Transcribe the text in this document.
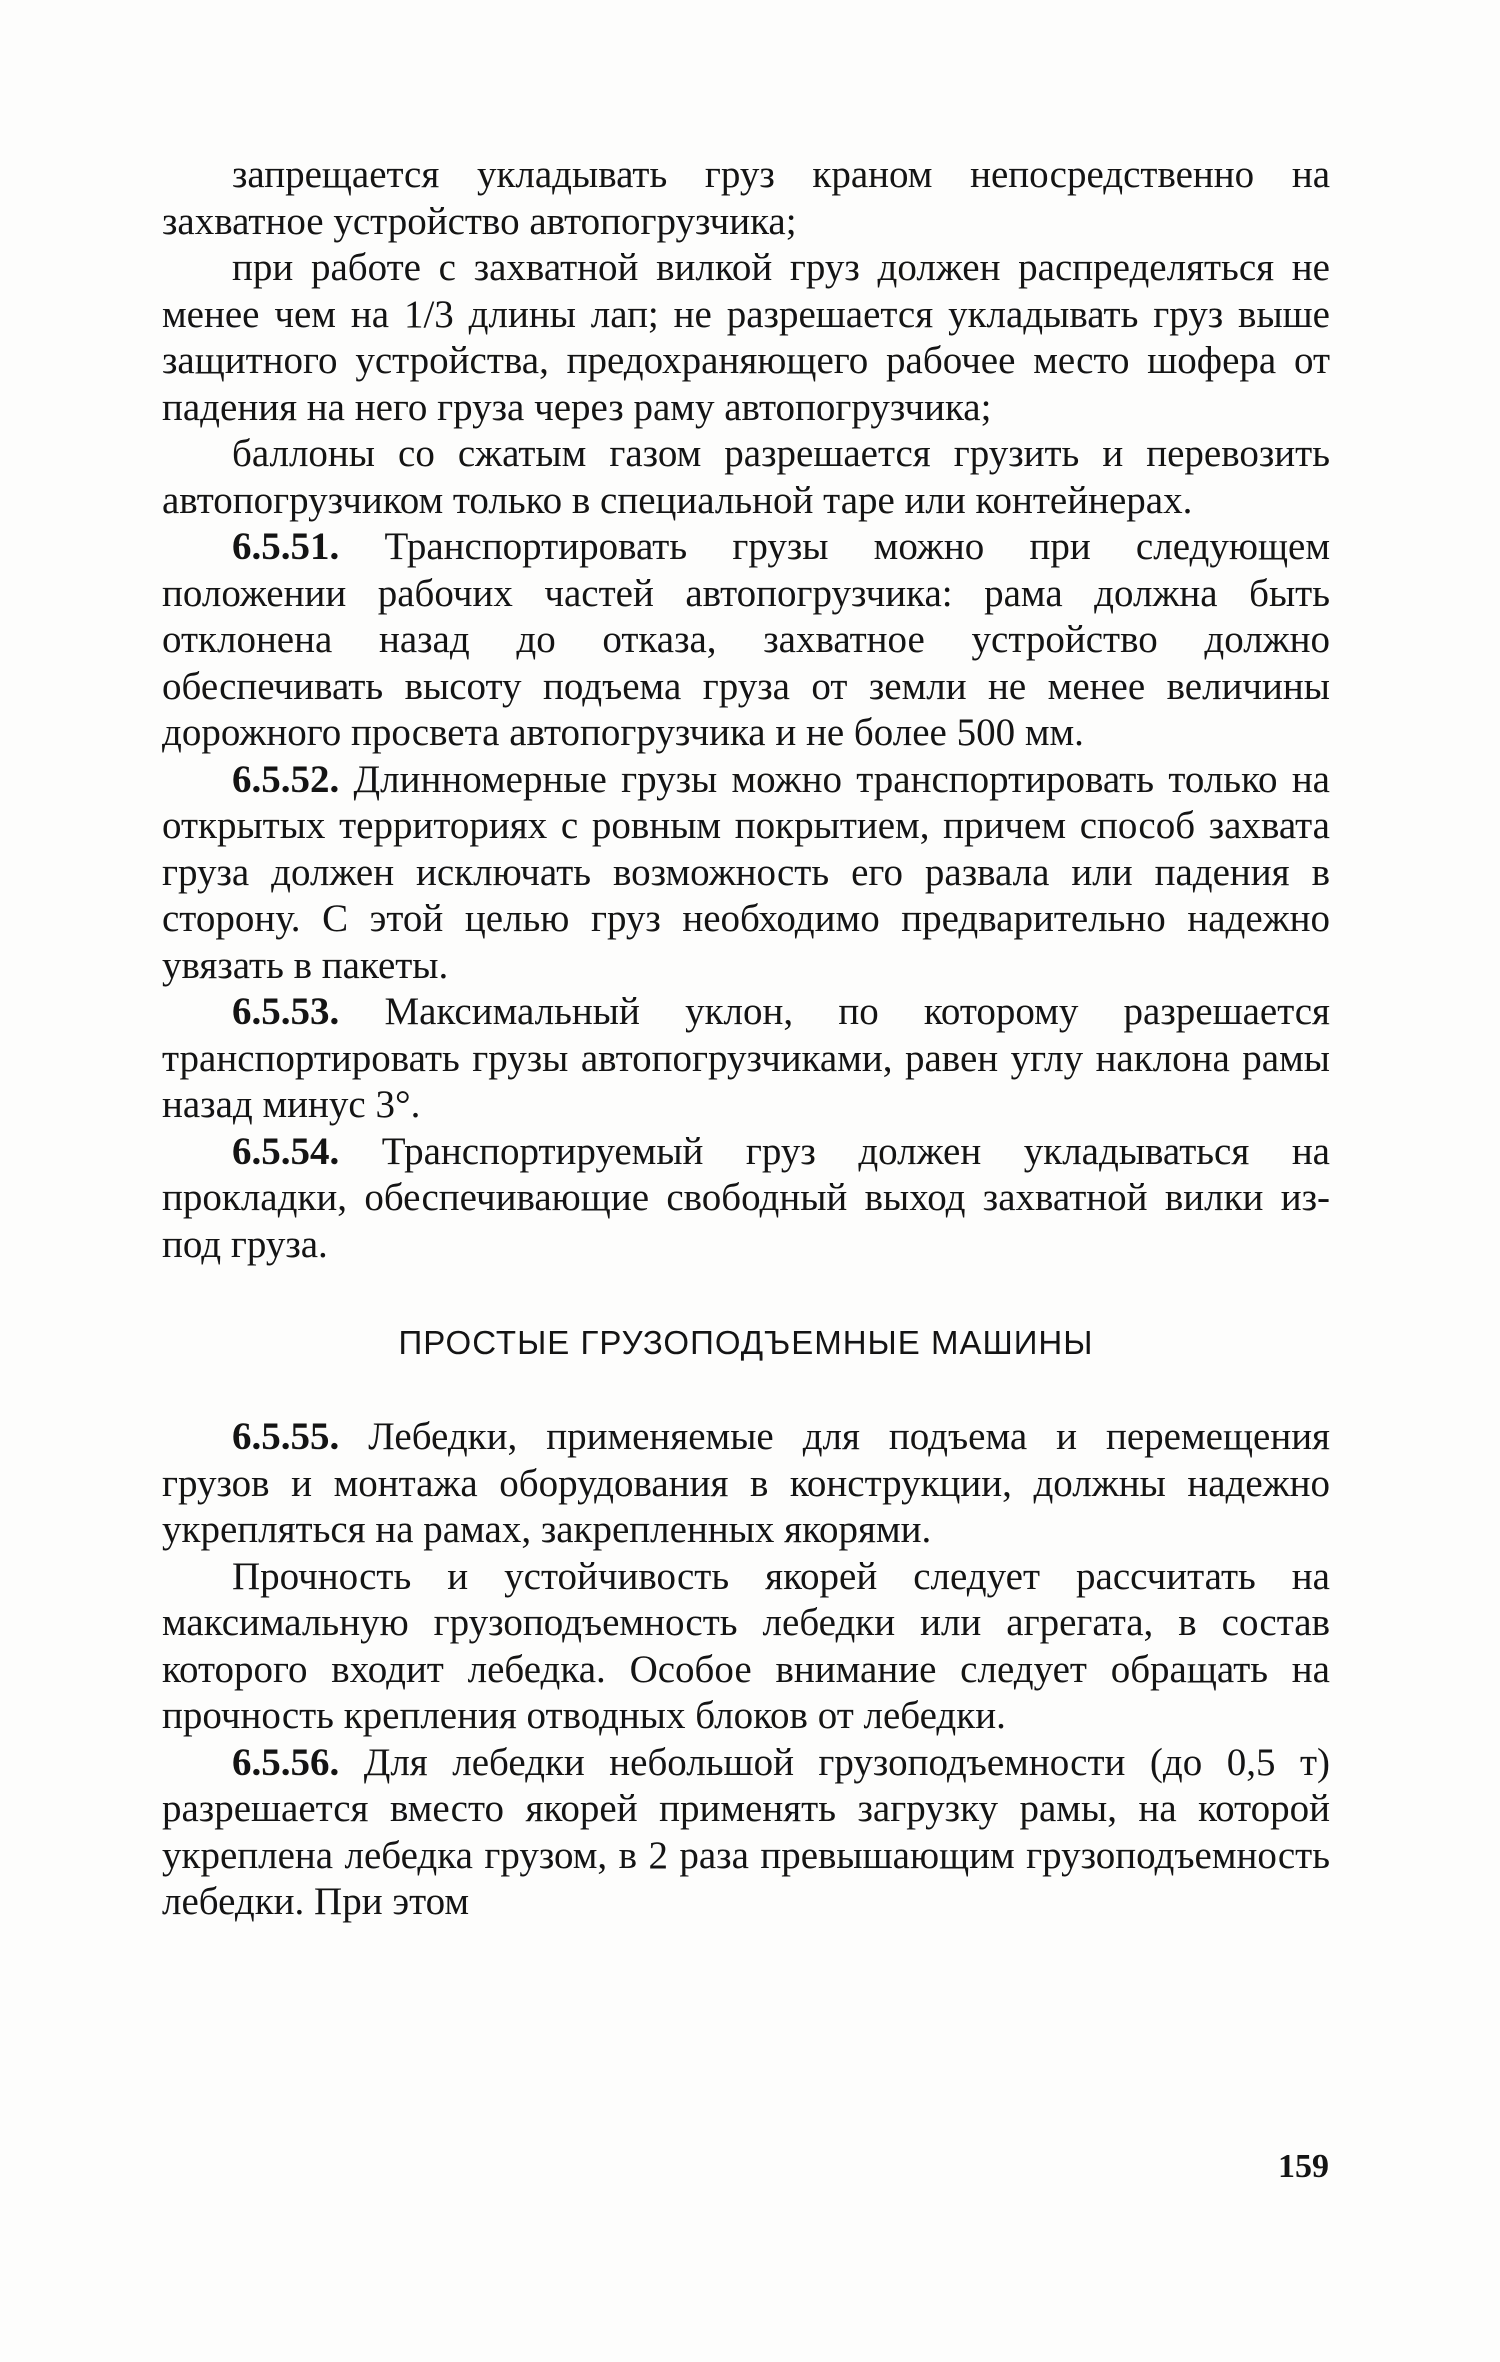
запрещается укладывать груз краном непосредственно на захватное устройство автопогрузчика;

при работе с захватной вилкой груз должен распределяться не менее чем на 1/3 длины лап; не разрешается укладывать груз выше защитного устройства, предохраняющего рабочее место шофера от падения на него груза через раму автопогрузчика;

баллоны со сжатым газом разрешается грузить и перевозить автопогрузчиком только в специальной таре или контейнерах.

6.5.51. Транспортировать грузы можно при следующем положении рабочих частей автопогрузчика: рама должна быть отклонена назад до отказа, захватное устройство должно обеспечивать высоту подъема груза от земли не менее величины дорожного просвета автопогрузчика и не более 500 мм.

6.5.52. Длинномерные грузы можно транспортировать только на открытых территориях с ровным покрытием, причем способ захвата груза должен исключать возможность его развала или падения в сторону. С этой целью груз необходимо предварительно надежно увязать в пакеты.

6.5.53. Максимальный уклон, по которому разрешается транспортировать грузы автопогрузчиками, равен углу наклона рамы назад минус 3°.

6.5.54. Транспортируемый груз должен укладываться на прокладки, обеспечивающие свободный выход захватной вилки из-под груза.

ПРОСТЫЕ ГРУЗОПОДЪЕМНЫЕ МАШИНЫ

6.5.55. Лебедки, применяемые для подъема и перемещения грузов и монтажа оборудования в конструкции, должны надежно укрепляться на рамах, закрепленных якорями.

Прочность и устойчивость якорей следует рассчитать на максимальную грузоподъемность лебедки или агрегата, в состав которого входит лебедка. Особое внимание следует обращать на прочность крепления отводных блоков от лебедки.

6.5.56. Для лебедки небольшой грузоподъемности (до 0,5 т) разрешается вместо якорей применять загрузку рамы, на которой укреплена лебедка грузом, в 2 раза превышающим грузоподъемность лебедки. При этом

159
